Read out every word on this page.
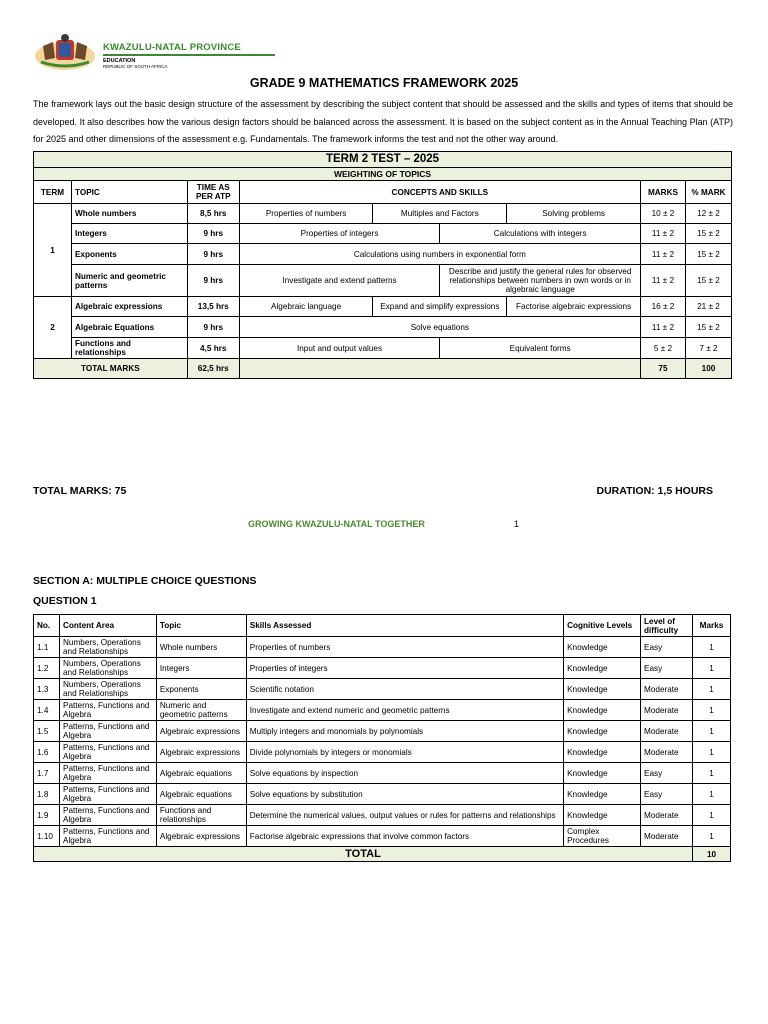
KWAZULU-NATAL PROVINCE
EDUCATION
REPUBLIC OF SOUTH AFRICA
GRADE 9 MATHEMATICS FRAMEWORK 2025
The framework lays out the basic design structure of the assessment by describing the subject content that should be assessed and the skills and types of items that should be developed. It also describes how the various design factors should be balanced across the assessment. It is based on the subject content as in the Annual Teaching Plan (ATP) for 2025 and other dimensions of the assessment e.g. Fundamentals. The framework informs the test and not the other way around.
TERM 2 TEST – 2025								
WEIGHTING OF TOPICS								
TERM	TOPIC	TIME AS PER ATP	CONCEPTS AND SKILLS				MARKS	% MARK
1	Whole numbers	8,5 hrs	Properties of numbers	Multiples and Factors		Solving problems	10 ± 2	12 ± 2
	Integers	9 hrs	Properties of integers		Calculations with integers		11 ± 2	15 ± 2
	Exponents	9 hrs	Calculations using numbers in exponential form				11 ± 2	15 ± 2
	Numeric and geometric patterns	9 hrs	Investigate and extend patterns		Describe and justify the general rules for observed relationships between numbers in own words or in algebraic language		11 ± 2	15 ± 2
2	Algebraic expressions	13,5 hrs	Algebraic language	Expand and simplify expressions		Factorise algebraic expressions	16 ± 2	21 ± 2
	Algebraic Equations	9 hrs	Solve equations				11 ± 2	15 ± 2
	Functions and relationships	4,5 hrs	Input and output values		Equivalent forms		5 ± 2	7 ± 2
TOTAL MARKS		62,5 hrs					75	100
TOTAL MARKS: 75	DURATION: 1,5 HOURS
GROWING KWAZULU-NATAL TOGETHER	1
SECTION A: MULTIPLE CHOICE QUESTIONS
QUESTION 1
No.	Content Area	Topic	Skills Assessed	Cognitive Levels	Level of difficulty	Marks
1.1	Numbers, Operations and Relationships	Whole numbers	Properties of numbers	Knowledge	Easy	1
1.2	Numbers, Operations and Relationships	Integers	Properties of integers	Knowledge	Easy	1
1.3	Numbers, Operations and Relationships	Exponents	Scientific notation	Knowledge	Moderate	1
1.4	Patterns, Functions and Algebra	Numeric and geometric patterns	Investigate and extend numeric and geometric patterns	Knowledge	Moderate	1
1.5	Patterns, Functions and Algebra	Algebraic expressions	Multiply integers and monomials by polynomials	Knowledge	Moderate	1
1.6	Patterns, Functions and Algebra	Algebraic expressions	Divide polynomials by integers or monomials	Knowledge	Moderate	1
1.7	Patterns, Functions and Algebra	Algebraic equations	Solve equations by inspection	Knowledge	Easy	1
1.8	Patterns, Functions and Algebra	Algebraic equations	Solve equations by substitution	Knowledge	Easy	1
1.9	Patterns, Functions and Algebra	Functions and relationships	Determine the numerical values, output values or rules for patterns and relationships	Knowledge	Moderate	1
1.10	Patterns, Functions and Algebra	Algebraic expressions	Factorise algebraic expressions that involve common factors	Complex Procedures	Moderate	1
TOTAL						10
